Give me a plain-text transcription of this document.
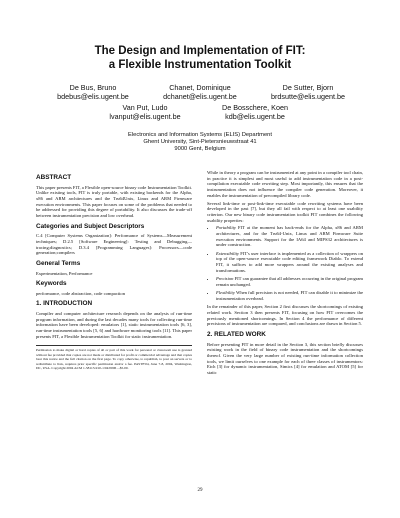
The Design and Implementation of FIT:
a Flexible Instrumentation Toolkit
De Bus, Bruno
bdebus@elis.ugent.be
Chanet, Dominique
dchanet@elis.ugent.be
De Sutter, Bjorn
brdsutte@elis.ugent.be
Van Put, Ludo
lvanput@elis.ugent.be
De Bosschere, Koen
kdb@elis.ugent.be
Electronics and Information Systems (ELIS) Department
Ghent University, Sint-Pietersnieuwstraat 41
9000 Gent, Belgium
ABSTRACT

This paper presents FIT, a Flexible open-source binary code Instrumentation Toolkit. Unlike existing tools, FIT is truly portable, with existing backends for the Alpha, x86 and ARM architectures and the Tru64Unix, Linux and ARM Firmware execution environments. This paper focuses on some of the problems that needed to be addressed for providing this degree of portability. It also discusses the trade-off between instrumentation precision and low overhead.

Categories and Subject Descriptors

C.4 [Computer Systems Organization]: Performance of Systems—Measurement techniques; D.2.5 [Software Engineering]: Testing and Debugging—tracing;diagnostics; D.3.4 [Programming Languages]: Processors—code generation;compilers

General Terms

Experimentation, Performance

Keywords

performance, code abstraction, code compaction

1. INTRODUCTION

Compiler and computer architecture research depends on the analysis of run-time program information, and during the last decades many tools for collecting run-time information have been developed: emulators [1], static instrumentation tools [6, 3], run-time instrumentation tools [5, 6] and hardware monitoring tools [11]. This paper presents FIT, a Flexible Instrumentation Toolkit for static instrumentation.

Permission to make digital or hard copies of all or part of this work for personal or classroom use is granted without fee provided that copies are not made or distributed for profit or commercial advantage and that copies bear this notice and the full citation on the first page. To copy otherwise, to republish, to post on servers or to redistribute to lists, requires prior specific permission and/or a fee. PASTE'04, June 7-8, 2004, Washington, DC, USA. Copyright 2004 ACM 1-58113-910-1/04/0006 ...$5.00.

While in theory a program can be instrumented at any point in a compiler tool chain, in practice it is simplest and most useful to add instrumentation code in a post-compilation executable code rewriting step. Most importantly, this ensures that the instrumentation does not influence the compiler code generation. Moreover, it enables the instrumentation of precompiled library code.

Several link-time or post-link-time executable code rewriting systems have been developed in the past [7], but they all fail with respect to at least one usability criterion. Our new binary code instrumentation toolkit FIT combines the following usability properties:

• Portability FIT at the moment has back-ends for the Alpha, x86 and ARM architectures, and for the Tru64-Unix, Linux and ARM Firmware Suite execution environments. Support for the IA64 and MIPS32 architectures is under construction.
• Extensibility FIT's user interface is implemented as a collection of wrappers on top of the open-source executable code editing framework Diablo. To extend FIT, it suffices to add more wrappers around the existing analyses and transformations.
• Precision FIT can guarantee that all addresses occurring in the original program remain unchanged.
• Flexibility When full precision is not needed, FIT can disable it to minimize the instrumentation overhead.

In the remainder of this paper, Section 2 first discusses the shortcomings of existing related work. Section 3 then presents FIT, focusing on how FIT overcomes the previously mentioned shortcomings. In Section 4 the performance of different precisions of instrumentation are compared, and conclusions are drawn in Section 5.

2. RELATED WORK

Before presenting FIT in more detail in the Section 3, this section briefly discusses existing work in the field of binary code instrumentation and the shortcomings thereof. Given the very large number of existing run-time information collection tools, we limit ourselves to one example for each of three classes of instrumentors: Etch [3] for dynamic instrumentation, Simics [4] for emulation and ATOM [5] for static

29
